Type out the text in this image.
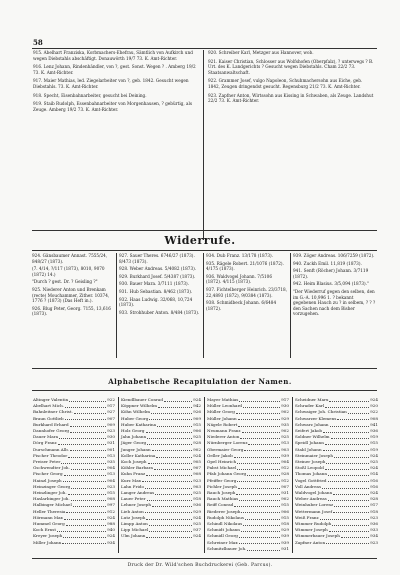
58
915. Abelhart Franziska, Korbmachers-Ehefrau, Sämtlich von Aufkirch und wegen Diebstahls abschäftigt. Donauwörth 19/7 73. K. Amt-Richter.
916. Lenz Johann, Rindenhändler, von ?, gest. Sonst. Wegen ? . Amberg 19/2 73. K. Amt-Richter.
917. Maier Mathias, led. Ziegelarbeiter von ?, geb. 1842. Gesucht wegen Diebstahls. 73. K. Amt-Richter.
918. Specht, Eisenbahnarbeiter, gesucht bei Deining.
919. Staib Rudolph, Essenbahnarbeiter von Morgenhausen, ? gebürtig, als Zeuge. Amberg 19/2 73. K. Amt-Richter.
920. Schreiber Karl, Metzger aus Hannover, wob.
921. Kaiser Christian, Schlosser aus Wolfshofen (Oberpfalz), ? unterwegs ? B. Urt. des K. Landgerichts ? Gesucht wegen Diebstahls. Cham 22/2 73. Staatsanwaltschaft.
922. Grammer Josef, vulgo Napoleon, Schuhmachersohn aus Eiche, geb. 1842, Zeugen dringendst gesucht. Regensburg 21/2 73. K. Amt-Richter.
923. Zapfner Anton, Wirtssohn aus Kissing in Schwaben, als Zeuge. Landshut 22/2 73. K. Amt-Richter.
Widerrufe.
924. Gänsbaumer Annast. 7555/24, 848/27 (1873).
(7. 4/14, ?/117 (1873), 8010, 9070 (1872) 14.)
"Durch ? gest. Dr. ? Geisling ?"
925. Niederer Anton und Brenkam (recte) Mouchammer, Zither. 10374, 1776 ? (1873) (Das Heft in.).
926. Blug Peter, Georg. 7155, 13,616 (1873).
927. Sauer Theres. 6746/27 (1873). 8/473 (1873).
928. Weber Andreas. 5/4082 (1873).
929. Burkhard Josef. 5/4387 (1873).
930. Bauer Mara. 3/7111 (1873).
931. Hub Sebastian. 8/462 (1873).
932. Haas Ludwig. 32/068, 10,724 (1873).
933. Strohhuber Anton. 8/484 (1873).
934. Dub Franz. 13/178 (1873).
935. Rägele Robert. 21/1076 (1872). 4/175 (1873).
936. Waldvogel Johann. 7/5106 (1872). 4/115 (1873).
937. Fichtelberger Heinrich. 23/3718, 22,4893 (1872), 9/0384 (1873).
938. Schmidbeck Johann. 6/6484 (1872).
939. Zöger Andreas. 106/7259 (1872).
940. Zuckh Emil. 11,819 (1873).
941. Senft (Röcher) Johann. 3/7119 (1872).
942. Heim Blasius. 3/5,094 (1873)."
"Der Wiederruf gegen den selben, den im G.-A. 10,996 1. ? bekannt gegebenen Hauch zu ? in selbem, ? ? ? den Sachen nach dem Bisher vorzugehen.
Alphabetische Recapitulation der Namen.
Altinger Valentin	922
Abelhart Mich.	917
Bahnleitner Christ.	927
Braun Gottlieb	907
Burkhard Erhard	909
Dannhofer Georg	923
Dauer Mara	930
Dörg Franz	931
Durschmann Alb.	901
Fischer Theodor	913
Freiser Peter	935
Gschwendter Joh.	904
Fischer Georg	913
Hainzl Joseph	904
Heinzinger Georg	923
Heinzlinger Joh.	915
Haslarbinger Joh.	908
Halbinger Michael	997
Heller Theresia	912
Hörmann Max	924
Hummel Georg	988
Koch Ernst	940
Kreyer Joseph	924
Miller Johann	934
Kiendlbauer Conrad	924
Köppner Wilhelm	942
Köhn Wilhelm	926
Huber Georg	909
Huber Katharina	915
Holz Georg	906
Jahn Johann	925
Jäger Georg	928
Junger Johann	902
Koller Katharina	924
Koch Joseph	905
Köhler Barbara	907
Kuhn Franz	908
Kurz Max	923
Lahn Frido	903
Langer Andreas	925
Lauer Peter	918
Lehner Joseph	936
Lieb Anton	929
Lutz Joseph	924
Limpp Anton	925
Lipp Michael	937
Ulm Johann	924
Mayer Mathias	917
Müller Leonhard	930
Müller Georg	902
Müller Johann	929
Nägele Robert	935
Neumann Franz	902
Niederer Anton	925
Nürnberger Lorenz	913
Obermaier Georg	903
Oeller Jakob	939
Opel Heinrich	904
Pabst Michael	912
Pfab Johann Georg	928
Pfeiffer Georg	912
Pichler Joseph	907
Rauch Joseph	931
Rauch Mathias	902
Reiff Conrad	915
Riederer Joseph	906
Rudolph Nikolaus	915
Schindl Nikolaus	918
Schmidt Johann	929
Schmidl Georg	939
Schreiner Max	939
Schmitzlbauer Joh.	931
Scheidner Marx	924
Schrader Karl	920
Schwaiger Joh. Christian	922
Schwarzer Klemens	908
Schwarz Johann	941
Seifert Jakob	936
Soldner Wilhelm	919
Speidl Johann	915
Stabl Johann	919
Steinmaier Joseph	924
Steiner Joseph	925
Stoßl Leopold	924
Thomas Johann	914
Vogel Gottfried	916
Voll Andreas	916
Waldvogel Johann	924
Weber Andreas	928
Weinhuber Lorenz	917
Wettermann Josef	918
Weiß Franz	923
Wimmer Rudolph	936
Wimmer Joseph	933
Wimmerbauer Joseph	934
Zapfner Anton	923
Druck der Dr. Wild'schen Buchdruckerei (Geb. Parcus).
